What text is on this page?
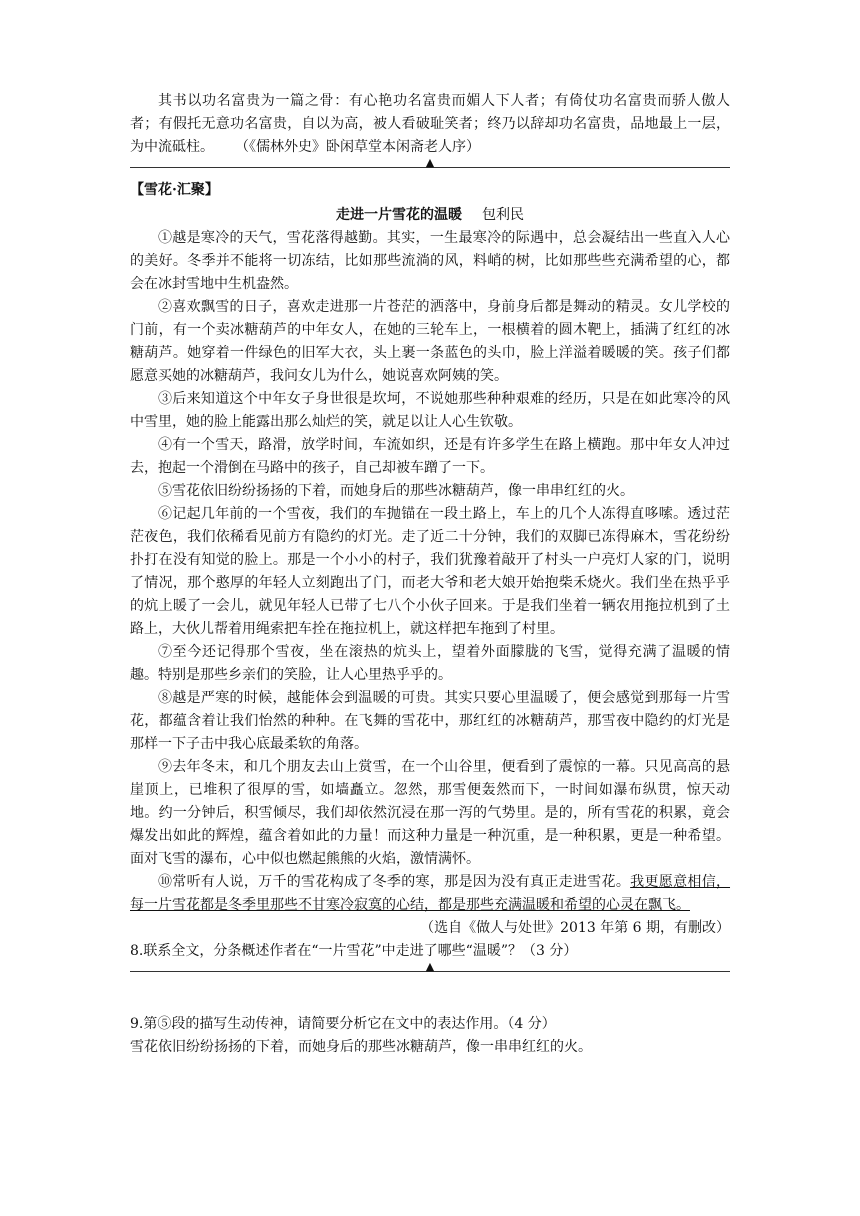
其书以功名富贵为一篇之骨：有心艳功名富贵而媚人下人者；有倚仗功名富贵而骄人傲人者；有假托无意功名富贵，自以为高，被人看破耻笑者；终乃以辞却功名富贵，品地最上一层，为中流砥柱。 （《儒林外史》卧闲草堂本闲斋老人序）
▲
【雪花·汇聚】
走进一片雪花的温暖 包利民
①越是寒冷的天气，雪花落得越勤。其实，一生最寒冷的际遇中，总会凝结出一些直入人心的美好。冬季并不能将一切冻结，比如那些流淌的风，料峭的树，比如那些些充满希望的心，都会在冰封雪地中生机盎然。
②喜欢飘雪的日子，喜欢走进那一片苍茫的洒落中，身前身后都是舞动的精灵。女儿学校的门前，有一个卖冰糖葫芦的中年女人，在她的三轮车上，一根横着的圆木靶上，插满了红红的冰糖葫芦。她穿着一件绿色的旧军大衣，头上裹一条蓝色的头巾，脸上洋溢着暖暖的笑。孩子们都愿意买她的冰糖葫芦，我问女儿为什么，她说喜欢阿姨的笑。
③后来知道这个中年女子身世很是坎坷，不说她那些种种艰难的经历，只是在如此寒冷的风中雪里，她的脸上能露出那么灿烂的笑，就足以让人心生钦敬。
④有一个雪天，路滑，放学时间，车流如织，还是有许多学生在路上横跑。那中年女人冲过去，抱起一个滑倒在马路中的孩子，自己却被车蹭了一下。
⑤雪花依旧纷纷扬扬的下着，而她身后的那些冰糖葫芦，像一串串红红的火。
⑥记起几年前的一个雪夜，我们的车抛锚在一段土路上，车上的几个人冻得直哆嗦。透过茫茫夜色，我们依稀看见前方有隐约的灯光。走了近二十分钟，我们的双脚已冻得麻木，雪花纷纷扑打在没有知觉的脸上。那是一个小小的村子，我们犹豫着敲开了村头一户亮灯人家的门，说明了情况，那个憨厚的年轻人立刻跑出了门，而老大爷和老大娘开始抱柴禾烧火。我们坐在热乎乎的炕上暖了一会儿，就见年轻人已带了七八个小伙子回来。于是我们坐着一辆农用拖拉机到了土路上，大伙儿帮着用绳索把车拴在拖拉机上，就这样把车拖到了村里。
⑦至今还记得那个雪夜，坐在滚热的炕头上，望着外面朦胧的飞雪，觉得充满了温暖的情趣。特别是那些乡亲们的笑脸，让人心里热乎乎的。
⑧越是严寒的时候，越能体会到温暖的可贵。其实只要心里温暖了，便会感觉到那每一片雪花，都蕴含着让我们怡然的种种。在飞舞的雪花中，那红红的冰糖葫芦，那雪夜中隐约的灯光是那样一下子击中我心底最柔软的角落。
⑨去年冬末，和几个朋友去山上赏雪，在一个山谷里，便看到了震惊的一幕。只见高高的悬崖顶上，已堆积了很厚的雪，如墙矗立。忽然，那雪便轰然而下，一时间如瀑布纵贯，惊天动地。约一分钟后，积雪倾尽，我们却依然沉浸在那一泻的气势里。是的，所有雪花的积累，竟会爆发出如此的辉煌，蕴含着如此的力量！而这种力量是一种沉重，是一种积累，更是一种希望。面对飞雪的瀑布，心中似也燃起熊熊的火焰，激情满怀。
⑩常听有人说，万千的雪花构成了冬季的寒，那是因为没有真正走进雪花。我更愿意相信，每一片雪花都是冬季里那些不甘寒冷寂寞的心结，都是那些充满温暖和希望的心灵在飘飞。
（选自《做人与处世》2013 年第 6 期，有删改）
8.联系全文，分条概述作者在“一片雪花”中走进了哪些“温暖”？（3 分）
▲
9.第⑤段的描写生动传神，请简要分析它在文中的表达作用。（4 分）
雪花依旧纷纷扬扬的下着，而她身后的那些冰糖葫芦，像一串串红红的火。
